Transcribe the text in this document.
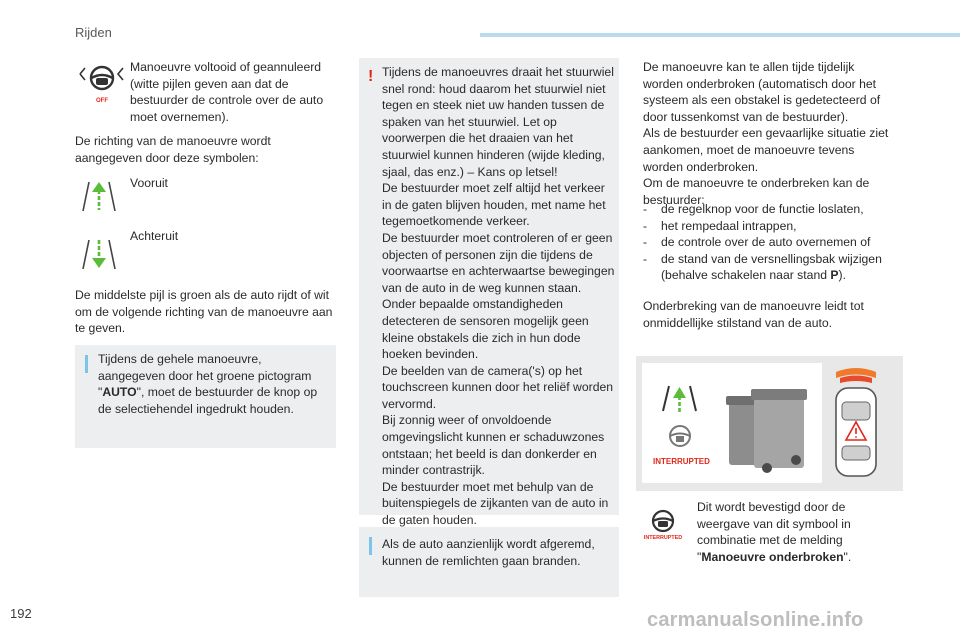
Rijden
OFF
Manoeuvre voltooid of geannuleerd (witte pijlen geven aan dat de bestuurder de controle over de auto moet overnemen).
De richting van de manoeuvre wordt aangegeven door deze symbolen:
Vooruit
Achteruit
De middelste pijl is groen als de auto rijdt of wit om de volgende richting van de manoeuvre aan te geven.
Tijdens de gehele manoeuvre, aangegeven door het groene pictogram "AUTO", moet de bestuurder de knop op de selectiehendel ingedrukt houden.
! Tijdens de manoeuvres draait het stuurwiel snel rond: houd daarom het stuurwiel niet tegen en steek niet uw handen tussen de spaken van het stuurwiel. Let op voorwerpen die het draaien van het stuurwiel kunnen hinderen (wijde kleding, sjaal, das enz.) – Kans op letsel!
De bestuurder moet zelf altijd het verkeer in de gaten blijven houden, met name het tegemoetkomende verkeer.
De bestuurder moet controleren of er geen objecten of personen zijn die tijdens de voorwaartse en achterwaartse bewegingen van de auto in de weg kunnen staan.
Onder bepaalde omstandigheden detecteren de sensoren mogelijk geen kleine obstakels die zich in hun dode hoeken bevinden.
De beelden van de camera('s) op het touchscreen kunnen door het reliëf worden vervormd.
Bij zonnig weer of onvoldoende omgevingslicht kunnen er schaduwzones ontstaan; het beeld is dan donkerder en minder contrastrijk.
De bestuurder moet met behulp van de buitenspiegels de zijkanten van de auto in de gaten houden.
Als de auto aanzienlijk wordt afgeremd, kunnen de remlichten gaan branden.
De manoeuvre kan te allen tijde tijdelijk worden onderbroken (automatisch door het systeem als een obstakel is gedetecteerd of door tussenkomst van de bestuurder).
Als de bestuurder een gevaarlijke situatie ziet aankomen, moet de manoeuvre tevens worden onderbroken.
Om de manoeuvre te onderbreken kan de bestuurder:
- de regelknop voor de functie loslaten,
- het rempedaal intrappen,
- de controle over de auto overnemen of
- de stand van de versnellingsbak wijzigen (behalve schakelen naar stand P).
Onderbreking van de manoeuvre leidt tot onmiddellijke stilstand van de auto.
INTERRUPTED
INTERRUPTED
Dit wordt bevestigd door de weergave van dit symbool in combinatie met de melding "Manoeuvre onderbroken".
192	carmanualsonline.info
